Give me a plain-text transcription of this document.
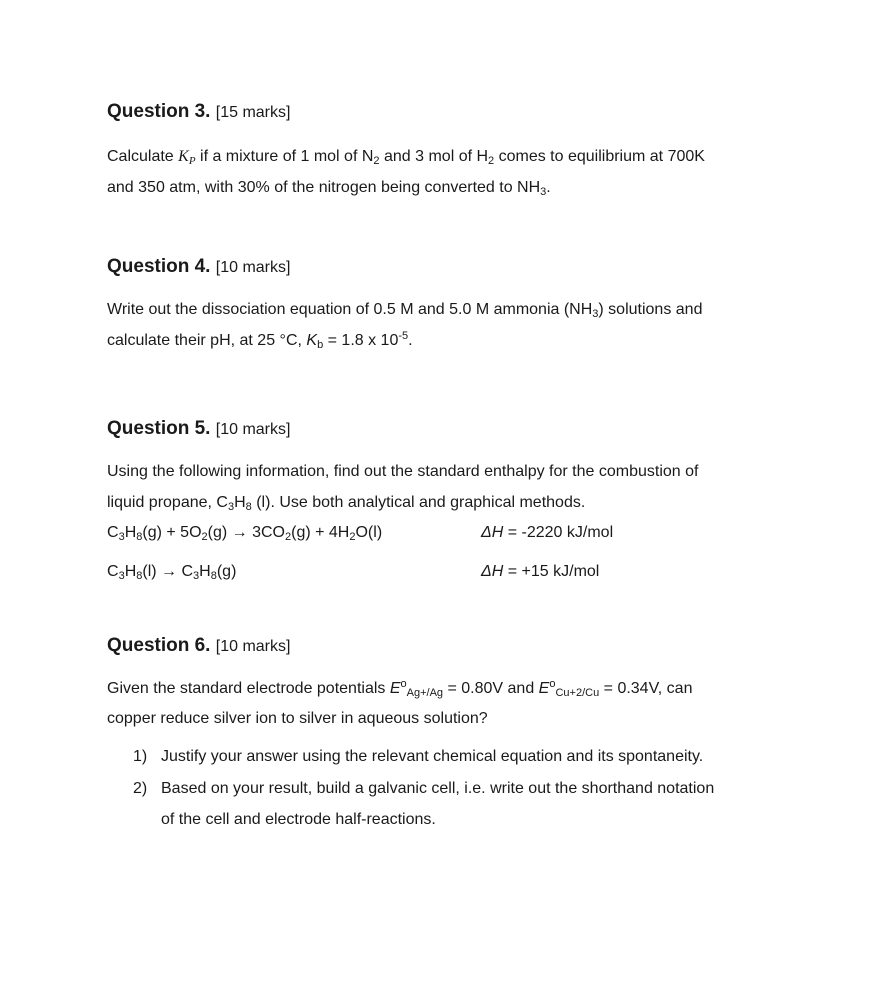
Question 3. [15 marks]
Calculate $K_P$ if a mixture of 1 mol of $N_2$ and 3 mol of $H_2$ comes to equilibrium at 700K
and 350 atm, with 30% of the nitrogen being converted to $NH_3$.
Question 4. [10 marks]
Write out the dissociation equation of 0.5 M and 5.0 M ammonia $(NH_3)$ solutions and
calculate their pH, at 25 °C, $K_b = 1.8$ x $10^{-5}$.
Question 5. [10 marks]
Using the following information, find out the standard enthalpy for the combustion of
liquid propane, $C_3H_8$ (l). Use both analytical and graphical methods.
$C_3H_8(g) + 5O_2(g) \to 3CO_2(g) + 4H_2O(l)$	ΔH = -2220 kJ/mol
$C_3H_8(l) \to C_3H_8(g)$	ΔH = +15 kJ/mol
Question 6. [10 marks]
Given the standard electrode potentials $E^o_{Ag+/Ag} = 0.80V$ and $E^o_{Cu+2/Cu} = 0.34V$, can
copper reduce silver ion to silver in aqueous solution?
1) Justify your answer using the relevant chemical equation and its spontaneity.
2) Based on your result, build a galvanic cell, i.e. write out the shorthand notation
of the cell and electrode half-reactions.
